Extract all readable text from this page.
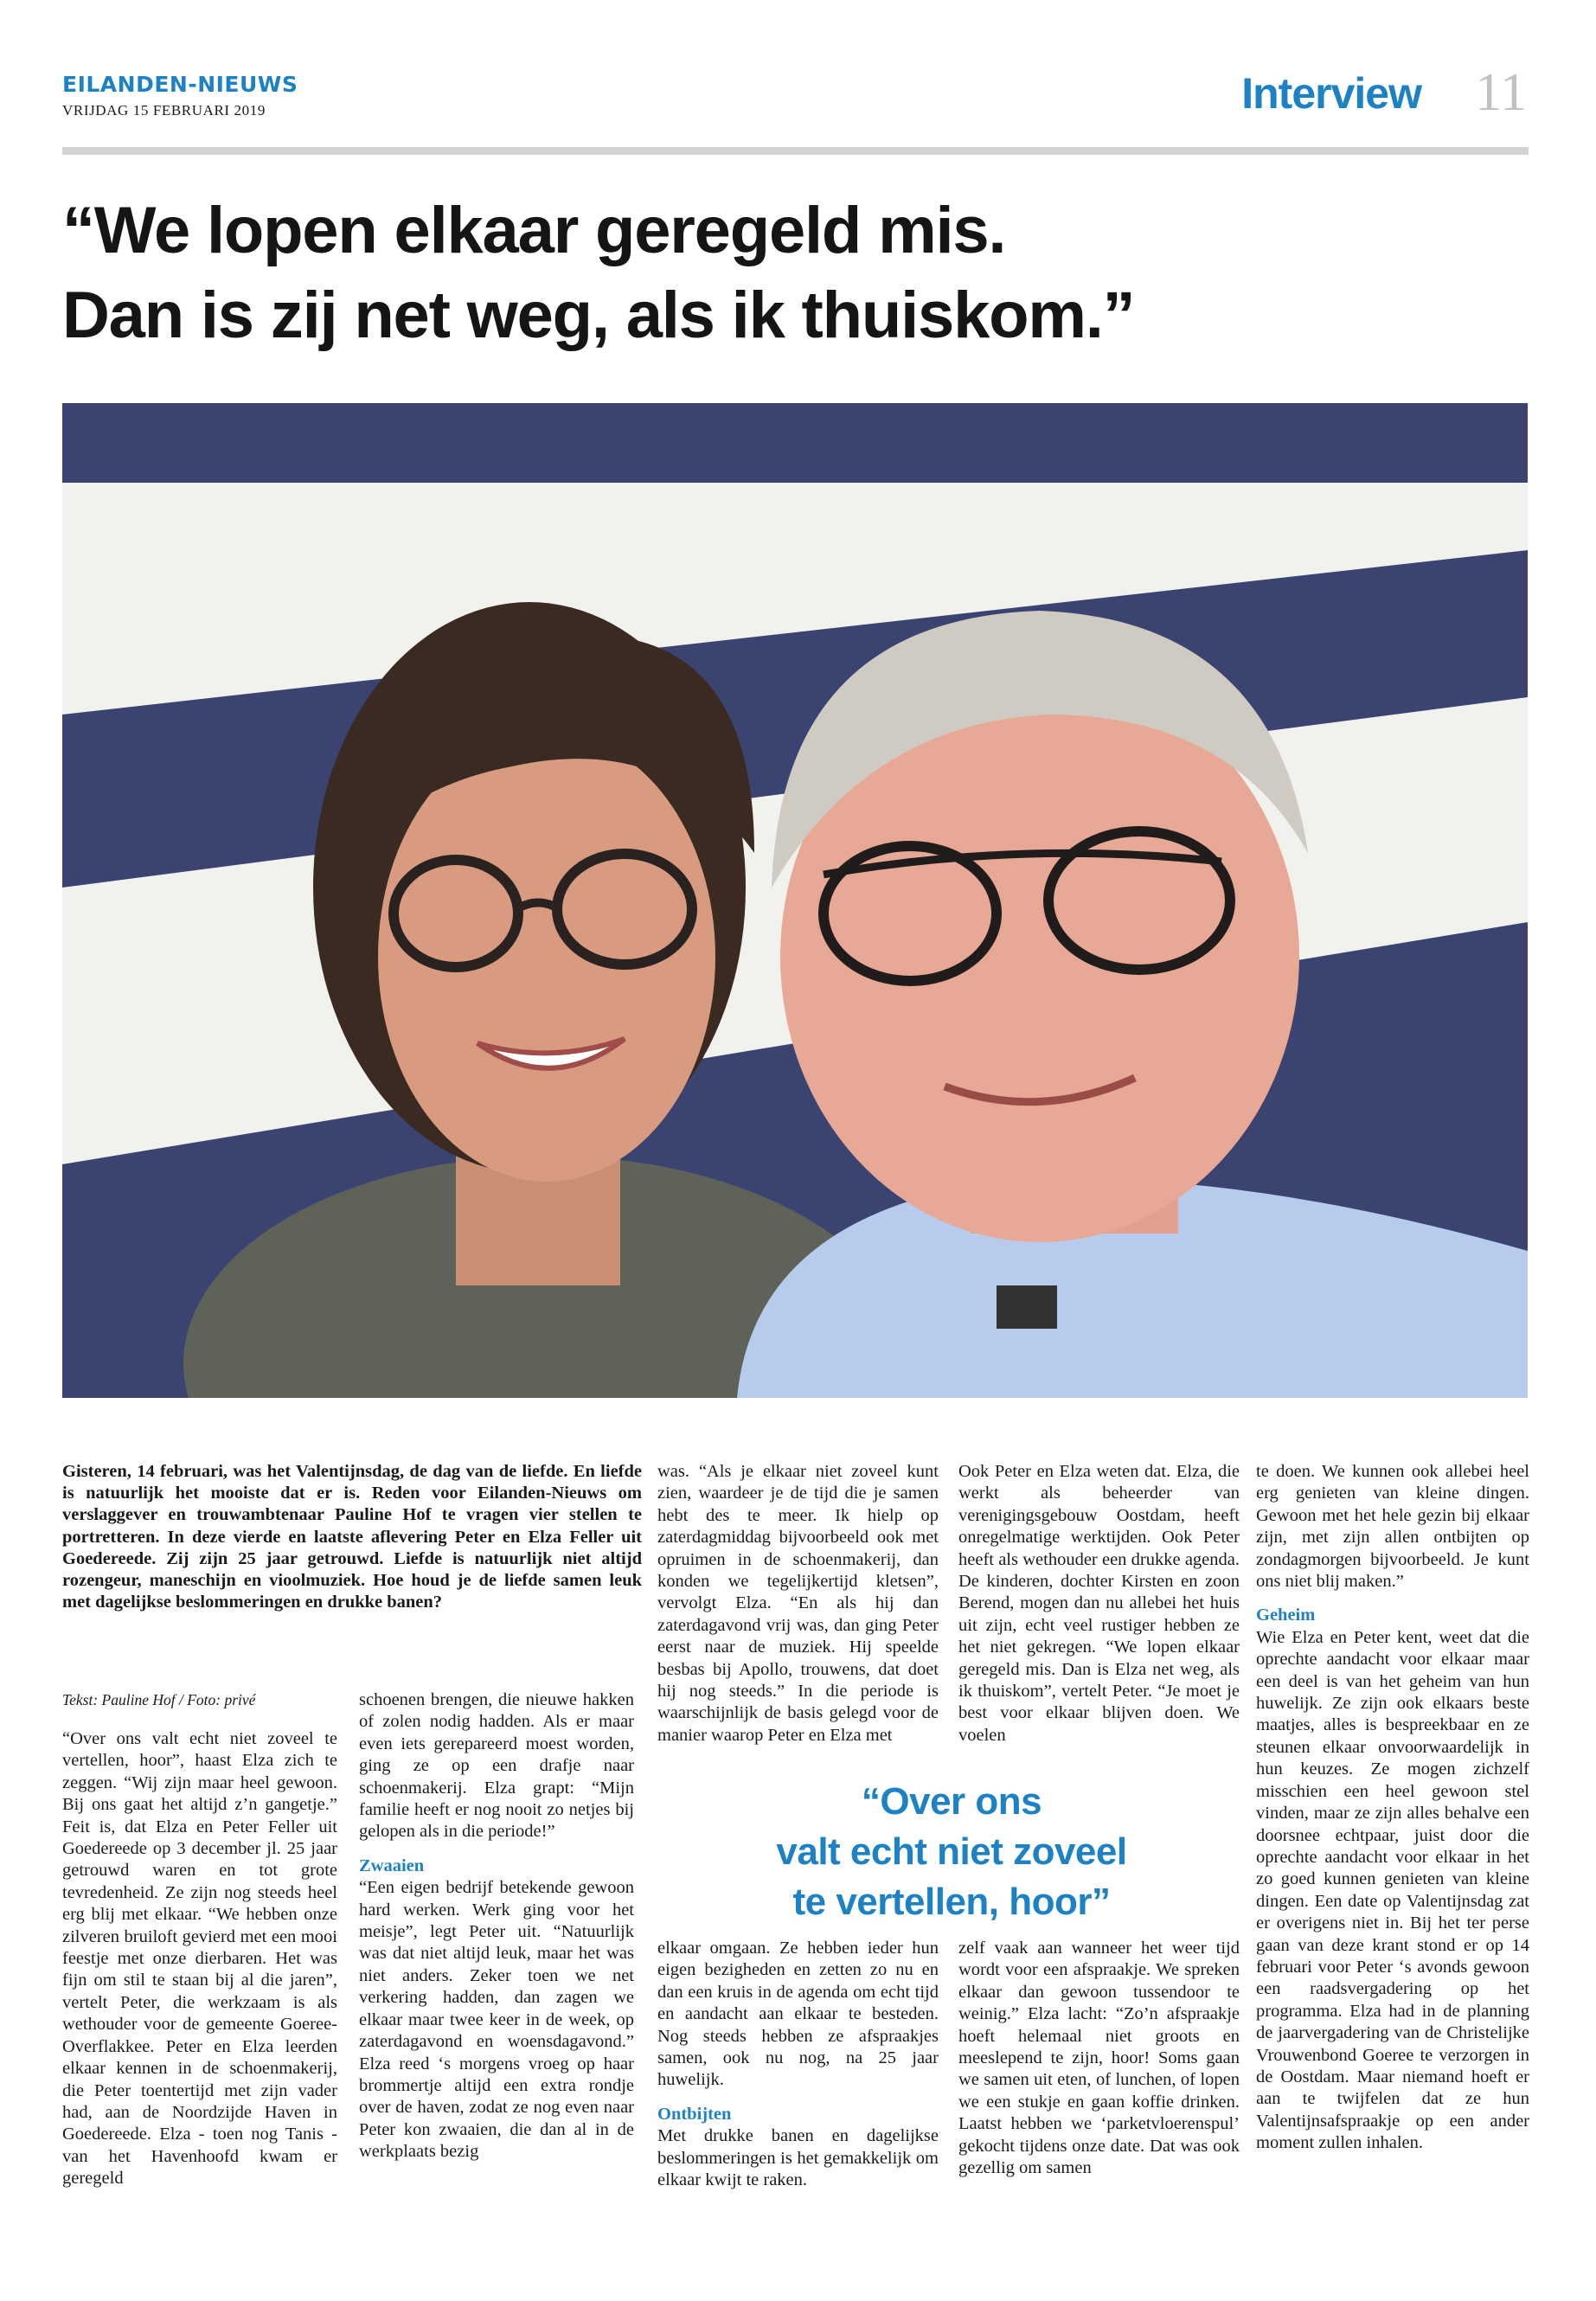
EILANDEN-NIEUWS
VRIJDAG 15 FEBRUARI 2019	Interview 11
“We lopen elkaar geregeld mis.
Dan is zij net weg, als ik thuiskom.”
Gisteren, 14 februari, was het Valentijnsdag, de dag van de liefde. En liefde is natuurlijk het mooiste dat er is. Reden voor Eilanden-Nieuws om verslaggever en trouwambtenaar Pauline Hof te vragen vier stellen te portretteren. In deze vierde en laatste aflevering Peter en Elza Feller uit Goedereede. Zij zijn 25 jaar getrouwd. Liefde is natuurlijk niet altijd rozengeur, maneschijn en vioolmuziek. Hoe houd je de liefde samen leuk met dagelijkse beslommeringen en drukke banen?
Tekst: Pauline Hof / Foto: privé

“Over ons valt echt niet zoveel te vertellen, hoor”, haast Elza zich te zeggen. “Wij zijn maar heel gewoon. Bij ons gaat het altijd z’n gangetje.” Feit is, dat Elza en Peter Feller uit Goedereede op 3 december jl. 25 jaar getrouwd waren en tot grote tevredenheid. Ze zijn nog steeds heel erg blij met elkaar. “We hebben onze zilveren bruiloft gevierd met een mooi feestje met onze dierbaren. Het was fijn om stil te staan bij al die jaren”, vertelt Peter, die werkzaam is als wethouder voor de gemeente Goeree-Overflakkee. Peter en Elza leerden elkaar kennen in de schoenmakerij, die Peter toentertijd met zijn vader had, aan de Noordzijde Haven in Goedereede. Elza - toen nog Tanis - van het Havenhoofd kwam er geregeld

schoenen brengen, die nieuwe hakken of zolen nodig hadden. Als er maar even iets gerepareerd moest worden, ging ze op een drafje naar schoenmakerij. Elza grapt: “Mijn familie heeft er nog nooit zo netjes bij gelopen als in die periode!”

Zwaaien

“Een eigen bedrijf betekende gewoon hard werken. Werk ging voor het meisje”, legt Peter uit. “Natuurlijk was dat niet altijd leuk, maar het was niet anders. Zeker toen we net verkering hadden, dan zagen we elkaar maar twee keer in de week, op zaterdagavond en woensdagavond.” Elza reed ‘s morgens vroeg op haar brommertje altijd een extra rondje over de haven, zodat ze nog even naar Peter kon zwaaien, die dan al in de werkplaats bezig

was. “Als je elkaar niet zoveel kunt zien, waardeer je de tijd die je samen hebt des te meer. Ik hielp op zaterdagmiddag bijvoorbeeld ook met opruimen in de schoenmakerij, dan konden we tegelijkertijd kletsen”, vervolgt Elza. “En als hij dan zaterdagavond vrij was, dan ging Peter eerst naar de muziek. Hij speelde besbas bij Apollo, trouwens, dat doet hij nog steeds.” In die periode is waarschijnlijk de basis gelegd voor de manier waarop Peter en Elza met

Ook Peter en Elza weten dat. Elza, die werkt als beheerder van verenigingsgebouw Oostdam, heeft onregelmatige werktijden. Ook Peter heeft als wethouder een drukke agenda. De kinderen, dochter Kirsten en zoon Berend, mogen dan nu allebei het huis uit zijn, echt veel rustiger hebben ze het niet gekregen. “We lopen elkaar geregeld mis. Dan is Elza net weg, als ik thuiskom”, vertelt Peter. “Je moet je best voor elkaar blijven doen. We voelen

“Over ons
valt echt niet zoveel
te vertellen, hoor”

elkaar omgaan. Ze hebben ieder hun eigen bezigheden en zetten zo nu en dan een kruis in de agenda om echt tijd en aandacht aan elkaar te besteden. Nog steeds hebben ze afspraakjes samen, ook nu nog, na 25 jaar huwelijk.

Ontbijten

Met drukke banen en dagelijkse beslommeringen is het gemakkelijk om elkaar kwijt te raken.

zelf vaak aan wanneer het weer tijd wordt voor een afspraakje. We spreken elkaar dan gewoon tussendoor te weinig.” Elza lacht: “Zo’n afspraakje hoeft helemaal niet groots en meeslepend te zijn, hoor! Soms gaan we samen uit eten, of lunchen, of lopen we een stukje en gaan koffie drinken. Laatst hebben we ‘parketvloerenspul’ gekocht tijdens onze date. Dat was ook gezellig om samen

te doen. We kunnen ook allebei heel erg genieten van kleine dingen. Gewoon met het hele gezin bij elkaar zijn, met zijn allen ontbijten op zondagmorgen bijvoorbeeld. Je kunt ons niet blij maken.”

Geheim

Wie Elza en Peter kent, weet dat die oprechte aandacht voor elkaar maar een deel is van het geheim van hun huwelijk. Ze zijn ook elkaars beste maatjes, alles is bespreekbaar en ze steunen elkaar onvoorwaardelijk in hun keuzes. Ze mogen zichzelf misschien een heel gewoon stel vinden, maar ze zijn alles behalve een doorsnee echtpaar, juist door die oprechte aandacht voor elkaar in het zo goed kunnen genieten van kleine dingen. Een date op Valentijnsdag zat er overigens niet in. Bij het ter perse gaan van deze krant stond er op 14 februari voor Peter ‘s avonds gewoon een raadsvergadering op het programma. Elza had in de planning de jaarvergadering van de Christelijke Vrouwenbond Goeree te verzorgen in de Oostdam. Maar niemand hoeft er aan te twijfelen dat ze hun Valentijnsafspraakje op een ander moment zullen inhalen.
